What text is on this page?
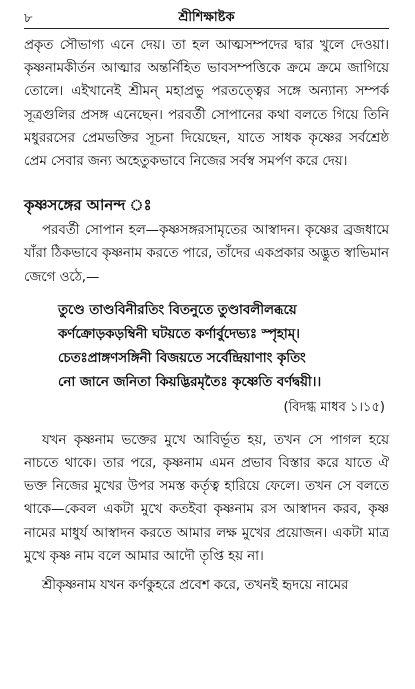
৮	শ্রীশিক্ষাষ্টক

প্রকৃত সৌভাগ্য এনে দেয়। তা হল আত্মসম্পদের দ্বার খুলে দেওয়া। কৃষ্ণনামকীর্তন আত্মার অন্তর্নিহিত ভাবসম্পত্তিকে ক্রমে ক্রমে জাগিয়ে তোলে। এইখানেই শ্রীমন্ মহাপ্রভু পরতত্ত্বের সঙ্গে অন্যান্য সম্পর্ক সূত্রগুলির প্রসঙ্গ এনেছেন। পরবর্তী সোপানের কথা বলতে গিয়ে তিনি মধুররসের প্রেমভক্তির সূচনা দিয়েছেন, যাতে সাধক কৃষ্ণের সর্বশ্রেষ্ঠ প্রেম সেবার জন্য অহেতুকভাবে নিজের সর্বস্ব সমর্পণ করে দেয়।

কৃষ্ণসঙ্গের আনন্দ ঃ

পরবর্তী সোপান হল—কৃষ্ণসঙ্গরসামৃতের আস্বাদন। কৃষ্ণের ব্রজধামে যাঁরা ঠিকভাবে কৃষ্ণনাম করতে পারে, তাঁদের একপ্রকার অদ্ভুত স্বাভিমান জেগে ওঠে,—

তুণ্ডে তাণ্ডবিনীরতিং বিতনুতে তুণ্ডাবলীলব্ধয়ে
কর্ণক্রোড়কড়ম্বিনী ঘটয়তে কর্ণার্বুদেভ্যঃ স্পৃহাম্।
চেতঃপ্রাঙ্গণসঙ্গিনী বিজয়তে সর্বেন্দ্রিয়াণাং কৃতিং
নো জানে জনিতা কিয়দ্ভিরমৃতৈঃ কৃষ্ণেতি বর্ণদ্বয়ী।।
(বিদগ্ধ মাধব ১।১৫)

যখন কৃষ্ণনাম ভক্তের মুখে আবির্ভূত হয়, তখন সে পাগল হয়ে নাচতে থাকে। তার পরে, কৃষ্ণনাম এমন প্রভাব বিস্তার করে যাতে ঐ ভক্ত নিজের মুখের উপর সমস্ত কর্তৃত্ব হারিয়ে ফেলে। তখন সে বলতে থাকে—কেবল একটা মুখে কতইবা কৃষ্ণনাম রস আস্বাদন করব, কৃষ্ণ নামের মাধুর্য আস্বাদন করতে আমার লক্ষ মুখের প্রয়োজন। একটা মাত্র মুখে কৃষ্ণ নাম বলে আমার আদৌ তৃপ্তি হয় না।

শ্রীকৃষ্ণনাম যখন কর্ণকুহরে প্রবেশ করে, তখনই হৃদয়ে নামের
